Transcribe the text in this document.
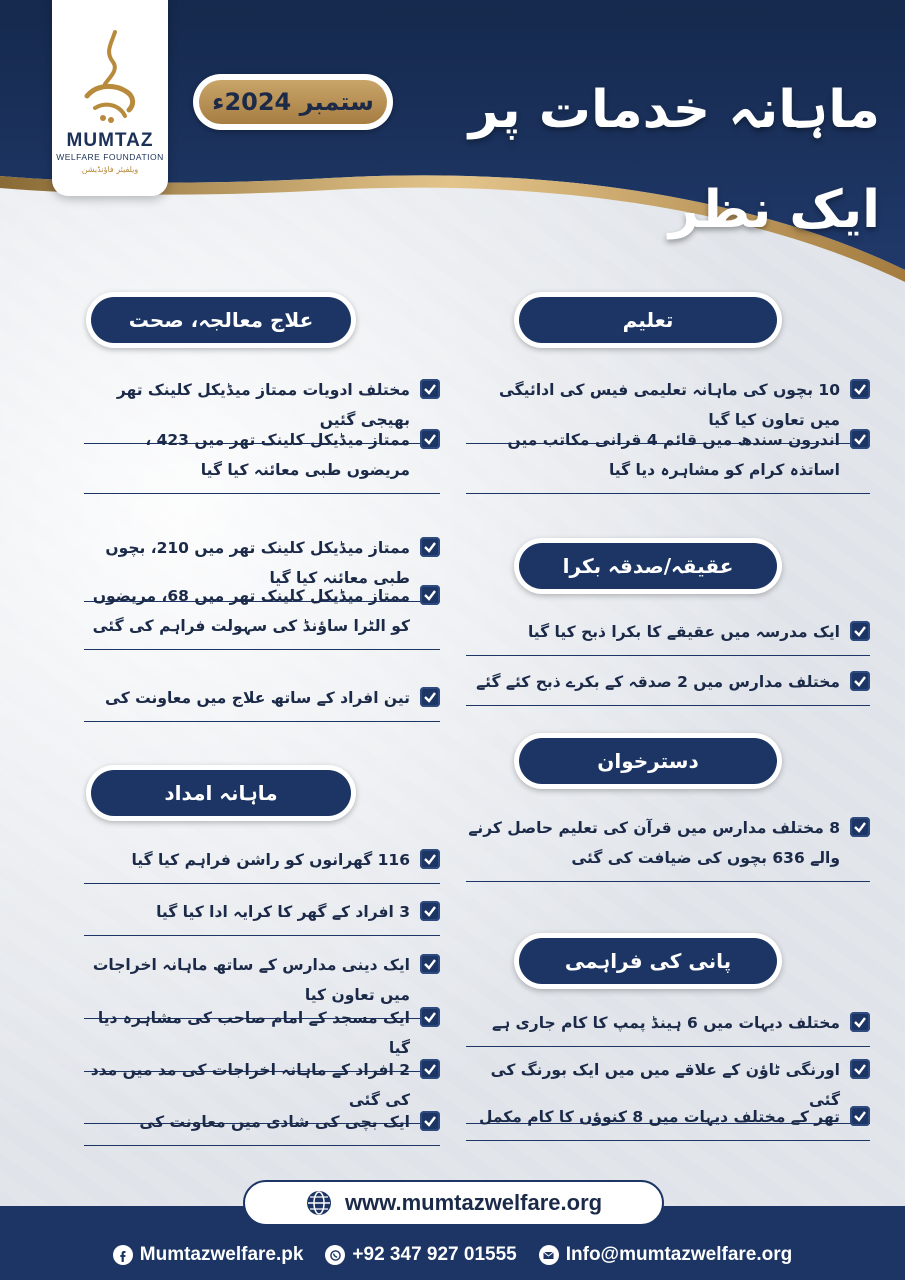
MUMTAZ
WELFARE FOUNDATION
ویلفیئر فاؤنڈیشن
ستمبر 2024ء	ماہانہ خدمات پر ایک نظر
تعلیم
10 بچوں کی ماہانہ تعلیمی فیس کی ادائیگی میں تعاون کیا گیا
اندرون سندھ میں قائم 4 قرانی مکاتب میں اساتذہ کرام کو مشاہرہ دیا گیا
عقیقہ/صدقہ بکرا
ایک مدرسہ میں عقیقے کا بکرا ذبح کیا گیا
مختلف مدارس میں 2 صدقہ کے بکرے ذبح کئے گئے
دسترخوان
8 مختلف مدارس میں قرآن کی تعلیم حاصل کرنے والے 636 بچوں کی ضیافت کی گئی
پانی کی فراہمی
مختلف دیہات میں 6 ہینڈ پمپ کا کام جاری ہے
اورنگی ٹاؤن کے علاقے میں میں ایک بورنگ کی گئی
تھر کے مختلف دیہات میں 8 کنوؤں کا کام مکمل
علاج معالجہ، صحت
مختلف ادویات ممتاز میڈیکل کلینک تھر بھیجی گئیں
ممتاز میڈیکل کلینک تھر میں 423 ، مریضوں طبی معائنہ کیا گیا
ممتاز میڈیکل کلینک تھر میں 210، بچوں طبی معائنہ کیا گیا
ممتاز میڈیکل کلینک تھر میں 68، مریضوں کو الٹرا ساؤنڈ کی سہولت فراہم کی گئی
تین افراد کے ساتھ علاج میں معاونت کی
ماہانہ امداد
116 گھرانوں کو راشن فراہم کیا گیا
3 افراد کے گھر کا کرایہ ادا کیا گیا
ایک دینی مدارس کے ساتھ ماہانہ اخراجات میں تعاون کیا
ایک مسجد کے امام صاحب کی مشاہرہ دیا گیا
2 افراد کے ماہانہ اخراجات کی مد میں مدد کی گئی
ایک بچی کی شادی میں معاونت کی
www.mumtazwelfare.org
Mumtazwelfare.pk	+92 347 927 01555	Info@mumtazwelfare.org
